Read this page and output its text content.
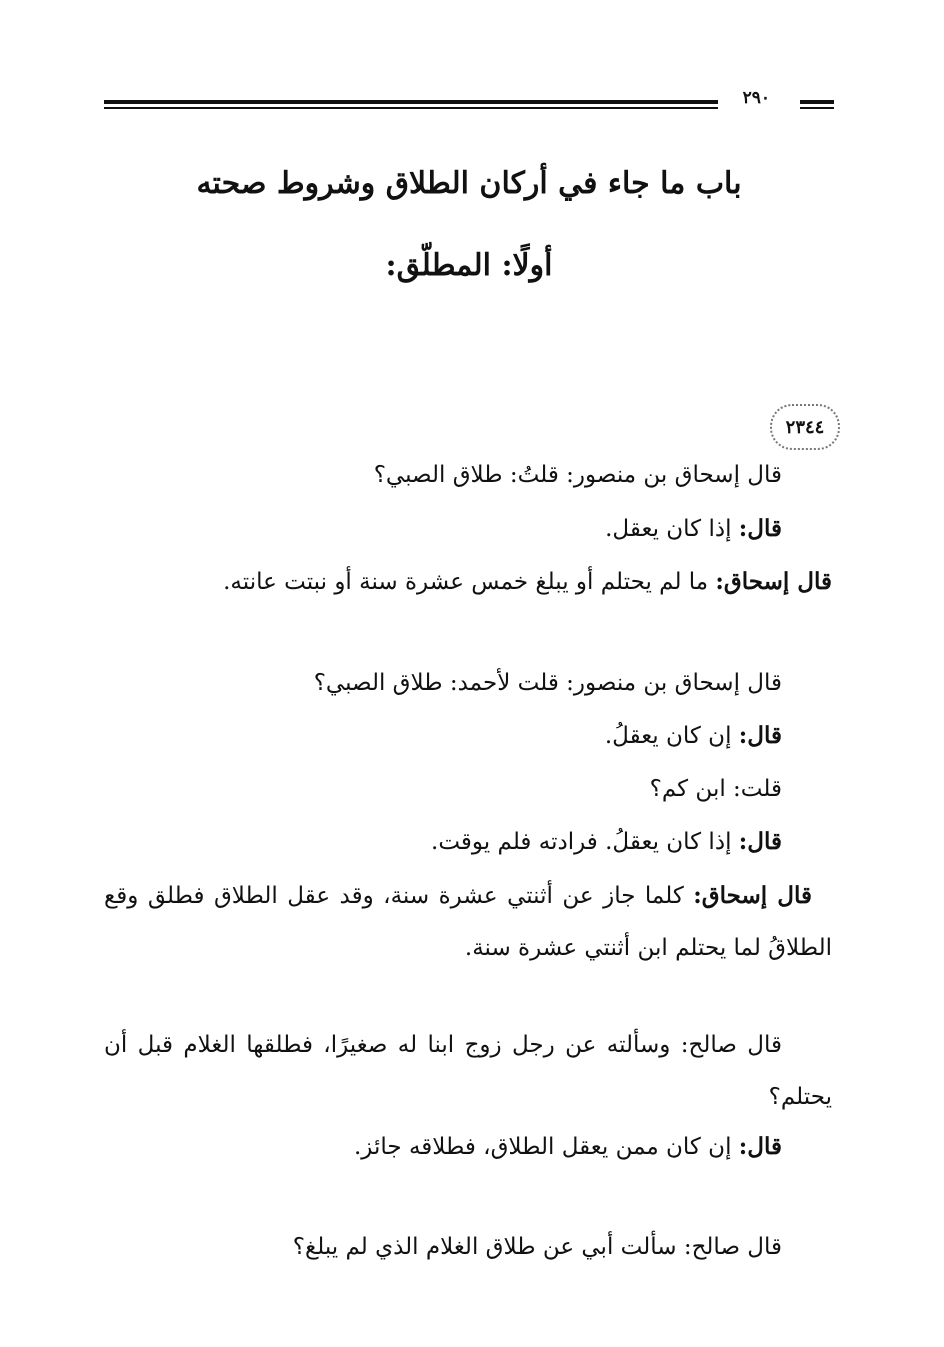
٢٩٠
باب ما جاء في أركان الطلاق وشروط صحته
أولًا: المطلّق:
٢٣٤٤

قال إسحاق بن منصور: قلتُ: طلاق الصبي؟

قال: إذا كان يعقل.

قال إسحاق: ما لم يحتلم أو يبلغ خمس عشرة سنة أو نبتت عانته.

قال إسحاق بن منصور: قلت لأحمد: طلاق الصبي؟

قال: إن كان يعقلُ.

قلت: ابن كم؟

قال: إذا كان يعقلُ. فرادته فلم يوقت.

قال إسحاق: كلما جاز عن أثنتي عشرة سنة، وقد عقل الطلاق فطلق وقع الطلاقُ لما يحتلم ابن أثنتي عشرة سنة.

قال صالح: وسألته عن رجل زوج ابنا له صغيرًا، فطلقها الغلام قبل أن يحتلم؟

قال: إن كان ممن يعقل الطلاق، فطلاقه جائز.

قال صالح: سألت أبي عن طلاق الغلام الذي لم يبلغ؟
